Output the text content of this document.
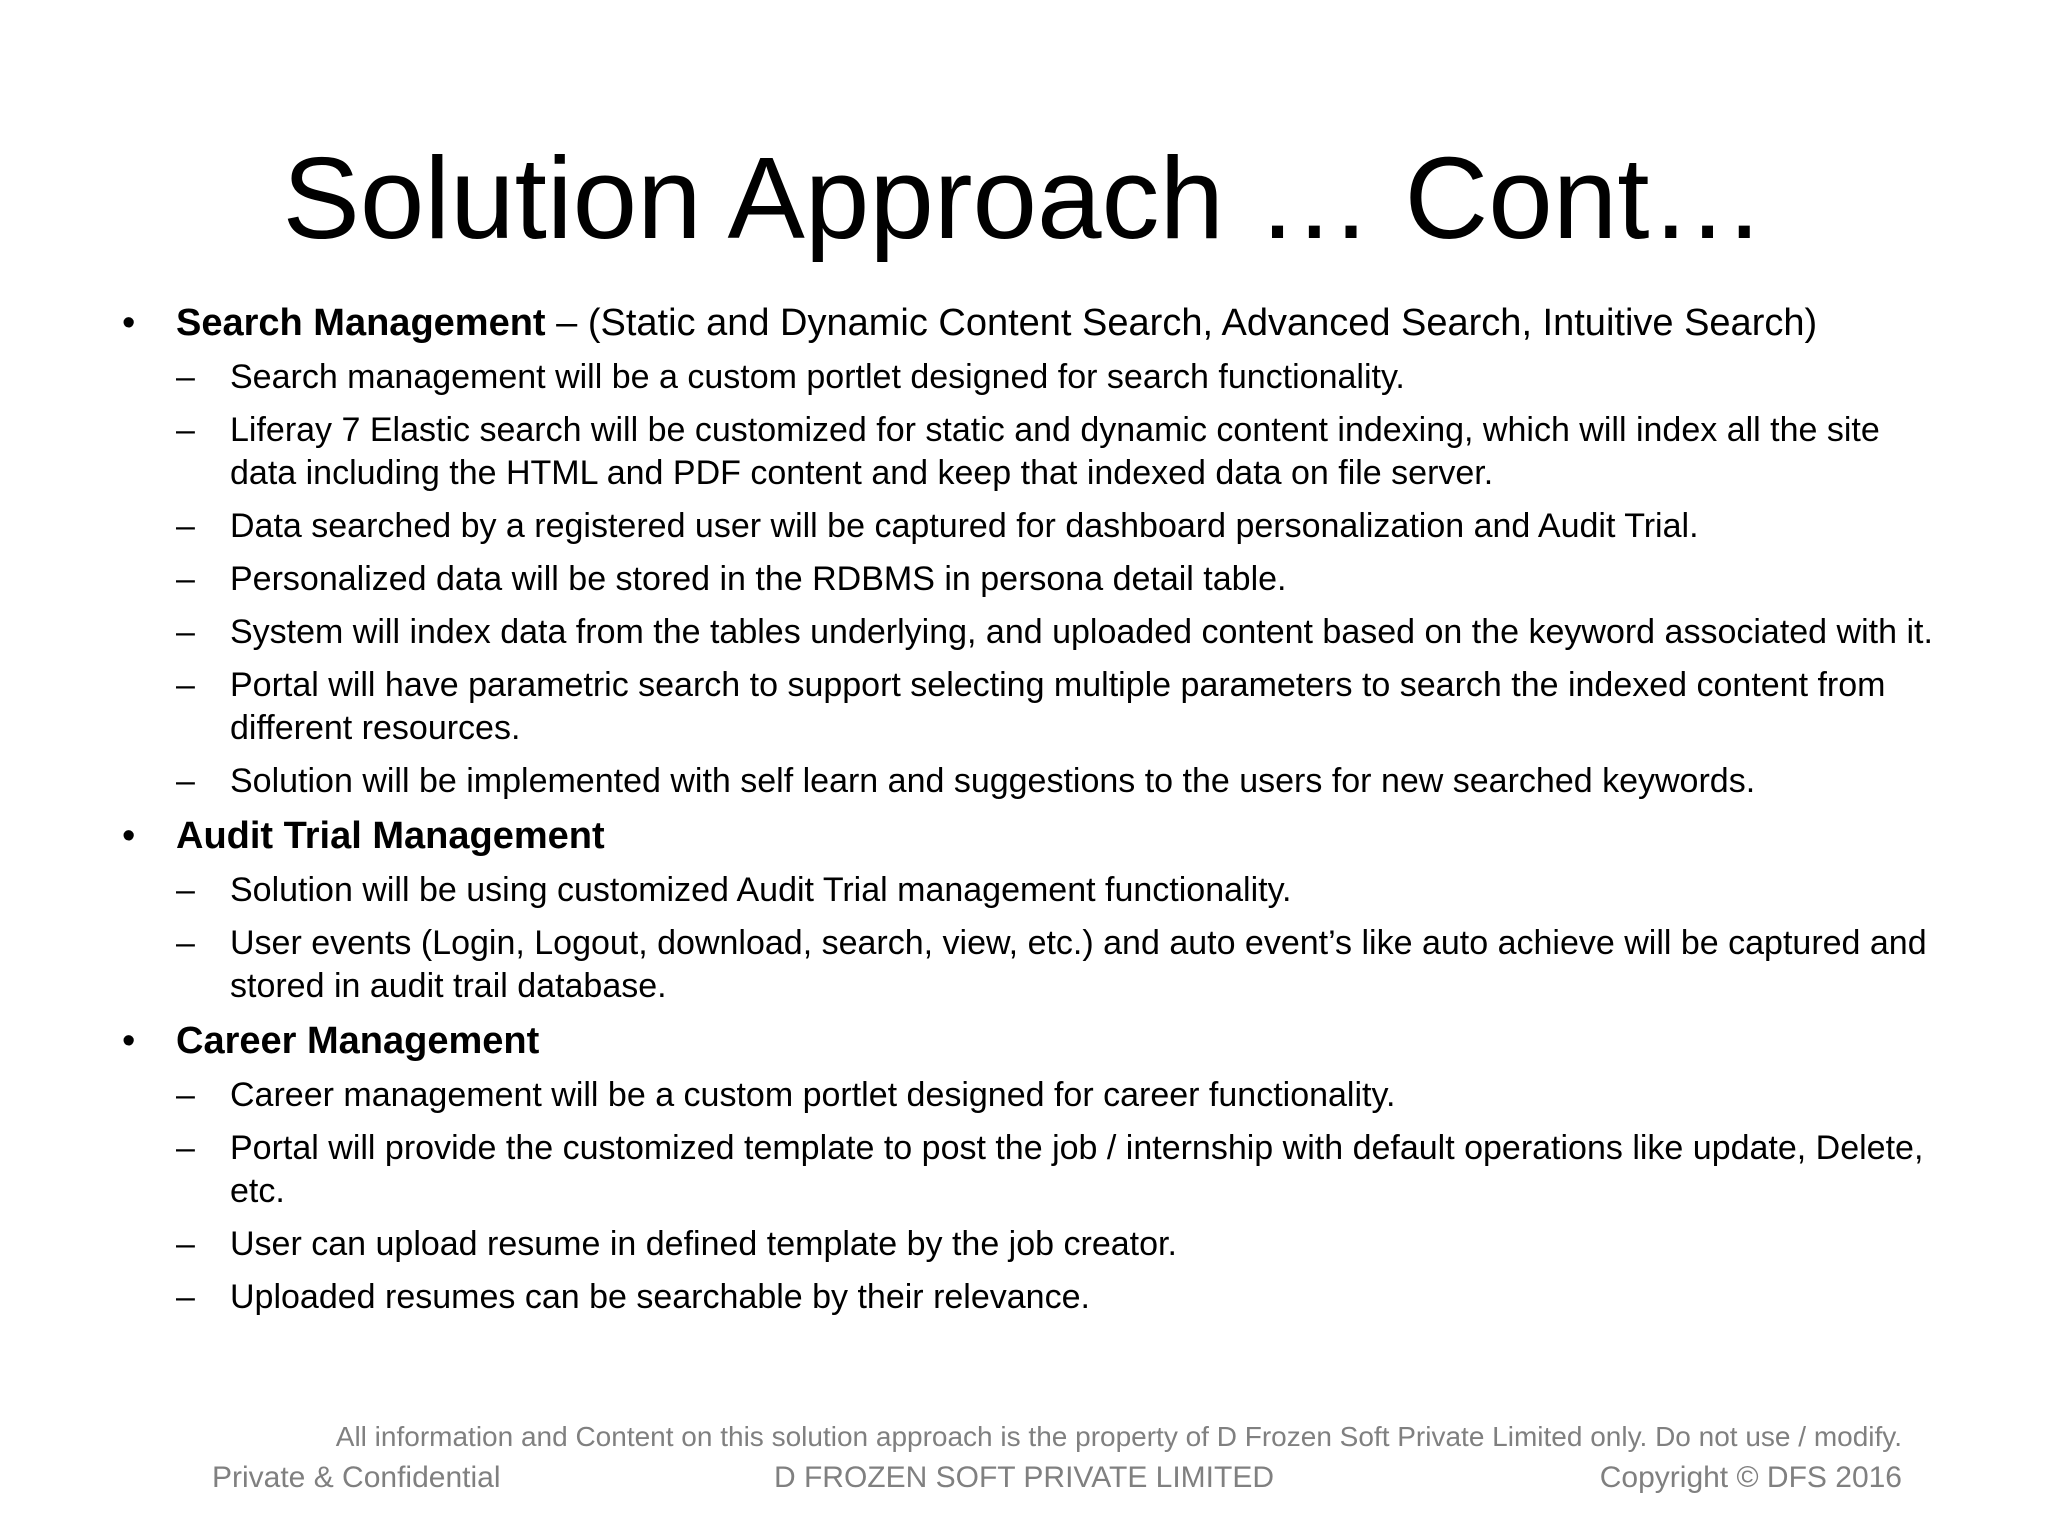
Solution Approach … Cont…
•	Search Management – (Static and Dynamic Content Search, Advanced Search, Intuitive Search)
–	Search management will be a custom portlet designed for search functionality.
–	Liferay 7 Elastic search will be customized for static and dynamic content indexing, which will index all the site data including the HTML and PDF content and keep that indexed data on file server.
–	Data searched by a registered user will be captured for dashboard personalization and Audit Trial.
–	Personalized data will be stored in the RDBMS in persona detail table.
–	System will index data from the tables underlying, and uploaded content based on the keyword associated with it.
–	Portal will have parametric search to support selecting multiple parameters to search the indexed content from different resources.
–	Solution will be implemented with self learn and suggestions to the users for new searched keywords.
•	Audit Trial Management
–	Solution will be using customized Audit Trial management functionality.
–	User events (Login, Logout, download, search, view, etc.) and auto event’s like auto achieve will be captured and stored in audit trail database.
•	Career Management
–	Career management will be a custom portlet designed for career functionality.
–	Portal will provide the customized template to post the job / internship with default operations like update, Delete, etc.
–	User can upload resume in defined template by the job creator.
–	Uploaded resumes can be searchable by their relevance.
All information and Content on this solution approach is the property of D Frozen Soft Private Limited only. Do not use / modify.
Private & Confidential	D FROZEN SOFT PRIVATE LIMITED	Copyright © DFS 2016
